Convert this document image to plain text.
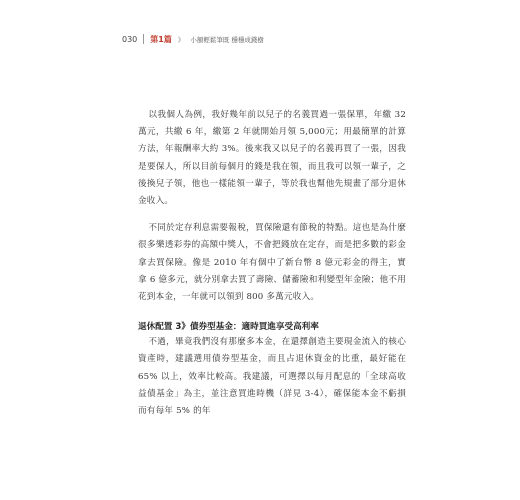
030 第1篇 》 小額輕鬆筆既 穩穩成錢樹

以我個人為例，我好幾年前以兒子的名義買過一張保單，年繳 32 萬元，共繳 6 年，繳第 2 年就開始月領 5,000元；用最簡單的計算方法，年報酬率大約 3%。後來我又以兒子的名義再買了一張，因我是要保人，所以目前每個月的錢是我在領，而且我可以領一輩子，之後換兒子領，他也一樣能領一輩子，等於我也幫他先規畫了部分退休金收入。

不同於定存利息需要報稅，買保險還有節稅的特點。這也是為什麼很多樂透彩券的高額中獎人，不會把錢放在定存，而是把多數的彩金拿去買保險。像是 2010 年有個中了新台幣 8 億元彩金的得主，實拿 6 億多元，就分別拿去買了壽險、儲蓄險和利變型年金險；他不用花到本金，一年就可以領到 800 多萬元收入。

退休配置 3》債券型基金：適時買進享受高利率

不過，畢竟我們沒有那麼多本金，在還擇創造主要現金流入的核心資產時，建議選用債券型基金，而且占退休資金的比重，最好能在 65% 以上，效率比較高。我建議，可選擇以每月配息的「全球高收益債基金」為主，並注意買進時機（詳見 3-4），確保能本金不虧損而有每年 5% 的年
